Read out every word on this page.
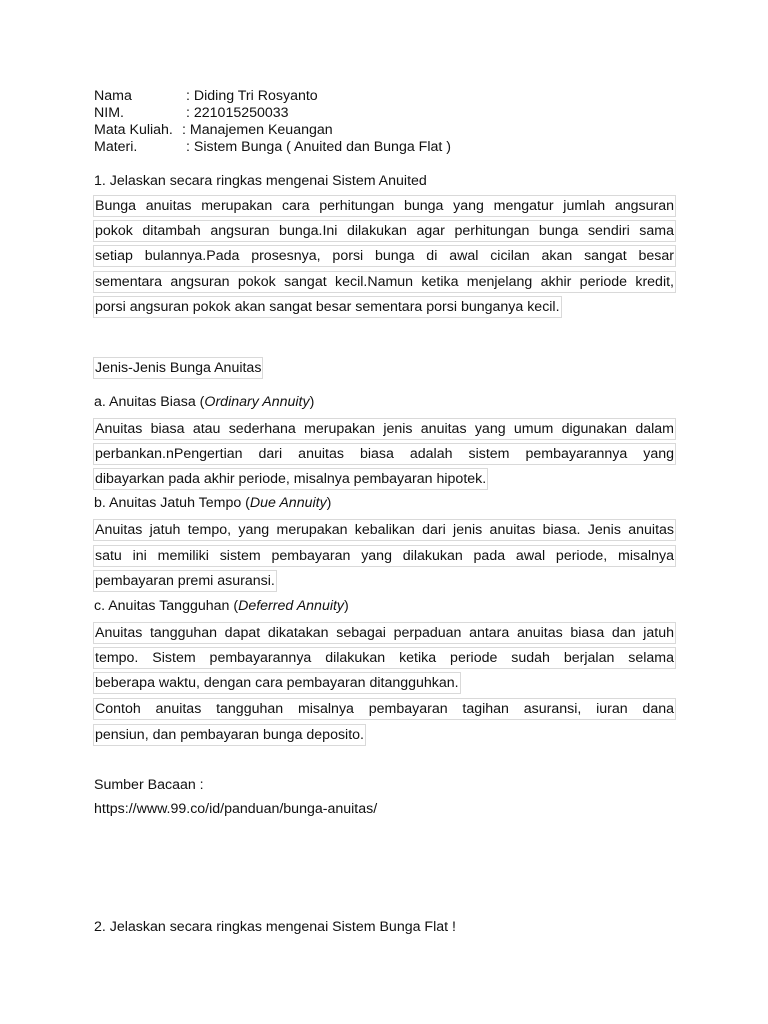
Nama	: Diding Tri Rosyanto
NIM.	: 221015250033
Mata Kuliah. : Manajemen Keuangan
Materi.	: Sistem Bunga ( Anuited dan Bunga Flat )
1. Jelaskan secara ringkas mengenai Sistem Anuited
Bunga anuitas merupakan cara perhitungan bunga yang mengatur jumlah angsuran
pokok ditambah angsuran bunga.Ini dilakukan agar perhitungan bunga sendiri sama
setiap bulannya.Pada prosesnya, porsi bunga di awal cicilan akan sangat besar
sementara angsuran pokok sangat kecil.Namun ketika menjelang akhir periode kredit,
porsi angsuran pokok akan sangat besar sementara porsi bunganya kecil.
Jenis-Jenis Bunga Anuitas
a. Anuitas Biasa (Ordinary Annuity)
Anuitas biasa atau sederhana merupakan jenis anuitas yang umum digunakan dalam
perbankan.nPengertian dari anuitas biasa adalah sistem pembayarannya yang
dibayarkan pada akhir periode, misalnya pembayaran hipotek.
b. Anuitas Jatuh Tempo (Due Annuity)
Anuitas jatuh tempo, yang merupakan kebalikan dari jenis anuitas biasa. Jenis anuitas
satu ini memiliki sistem pembayaran yang dilakukan pada awal periode, misalnya
pembayaran premi asuransi.
c. Anuitas Tangguhan (Deferred Annuity)
Anuitas tangguhan dapat dikatakan sebagai perpaduan antara anuitas biasa dan jatuh
tempo. Sistem pembayarannya dilakukan ketika periode sudah berjalan selama
beberapa waktu, dengan cara pembayaran ditangguhkan.
Contoh anuitas tangguhan misalnya pembayaran tagihan asuransi, iuran dana
pensiun, dan pembayaran bunga deposito.
Sumber Bacaan :
https://www.99.co/id/panduan/bunga-anuitas/
2. Jelaskan secara ringkas mengenai Sistem Bunga Flat !
